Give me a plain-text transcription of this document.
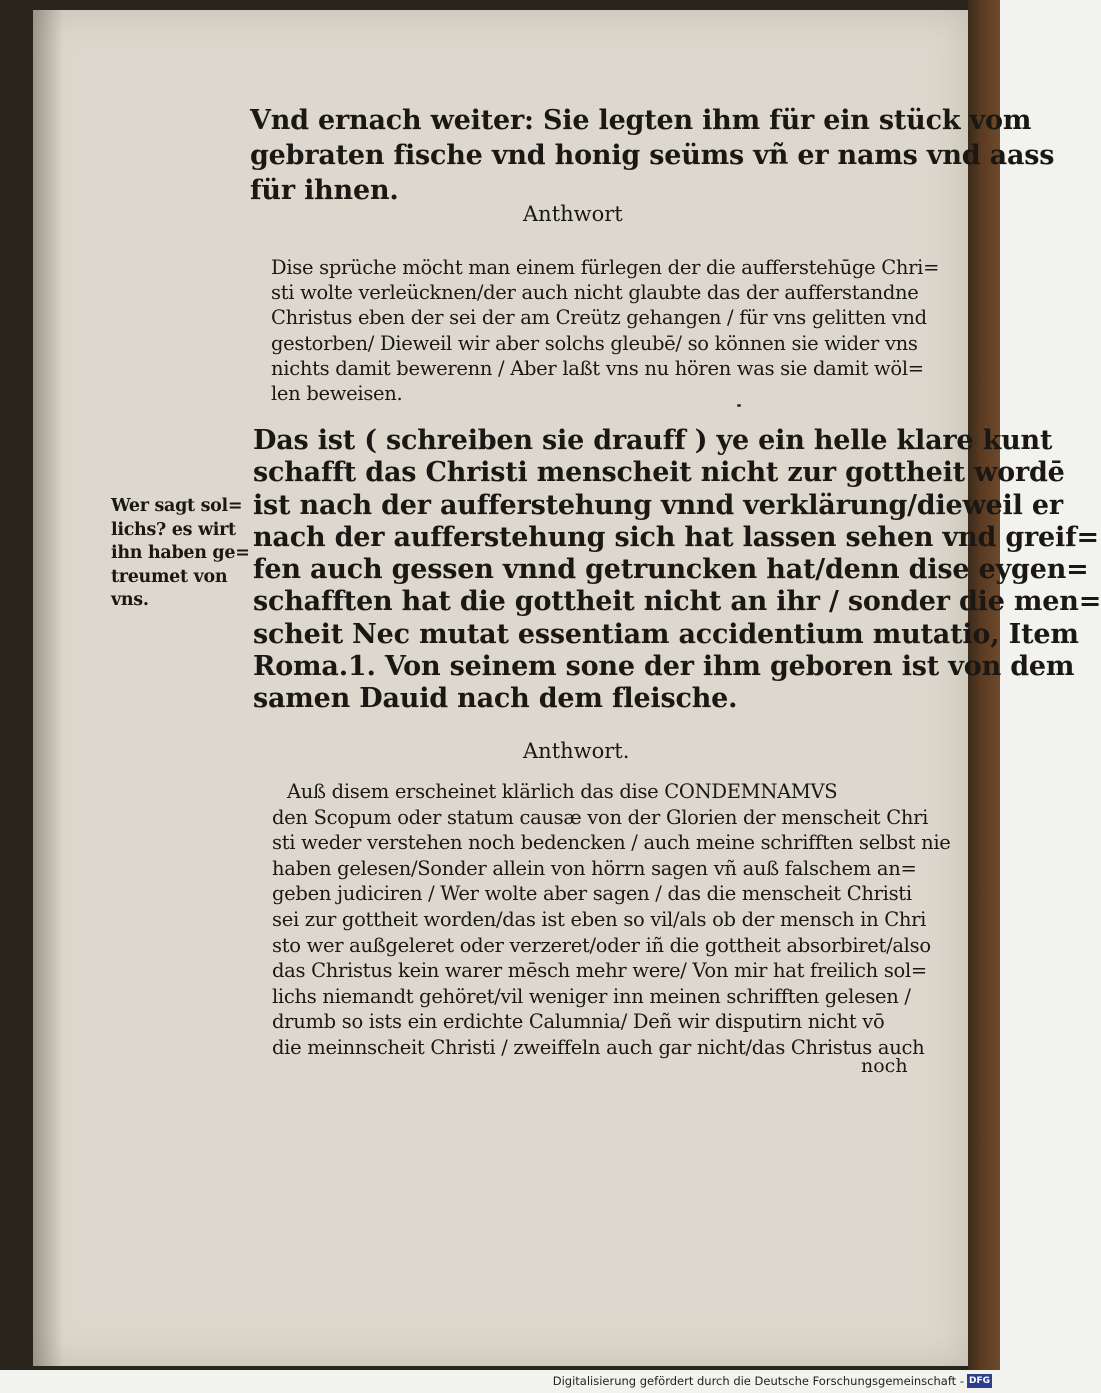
Vnd ernach weiter: Sie legten ihm für ein stück vom
gebraten fische vnd honig seüms vñ er nams vnd aass
für ihnen.
Anthwort
Dise sprüche möcht man einem fürlegen der die aufferstehūge Chri=
sti wolte verleücknen/der auch nicht glaubte das der aufferstandne
Christus eben der sei der am Creütz gehangen / für vns gelitten vnd
gestorben/ Dieweil wir aber solchs gleubē/ so können sie wider vns
nichts damit bewerenn / Aber laßt vns nu hören was sie damit wöl=
len beweisen.
Wer sagt sol=
lichs? es wirt
ihn haben ge=
treumet von
vns.
Das ist ( schreiben sie drauff ) ye ein helle klare kunt
schafft das Christi menscheit nicht zur gottheit wordē
ist nach der aufferstehung vnnd verklärung/dieweil er
nach der aufferstehung sich hat lassen sehen vnd greif=
fen auch gessen vnnd getruncken hat/denn dise eygen=
schafften hat die gottheit nicht an ihr / sonder die men=
scheit Nec mutat essentiam accidentium mutatio, Item
Roma.1. Von seinem sone der ihm geboren ist von dem
samen Dauid nach dem fleische.
Anthwort.
Auß disem erscheinet klärlich das dise CONDEMNAMVS
den Scopum oder statum causæ von der Glorien der menscheit Chri
sti weder verstehen noch bedencken / auch meine schrifften selbst nie
haben gelesen/Sonder allein von hörrn sagen vñ auß falschem an=
geben judiciren / Wer wolte aber sagen / das die menscheit Christi
sei zur gottheit worden/das ist eben so vil/als ob der mensch in Chri
sto wer außgeleret oder verzeret/oder iñ die gottheit absorbiret/also
das Christus kein warer mēsch mehr were/ Von mir hat freilich sol=
lichs niemandt gehöret/vil weniger inn meinen schrifften gelesen /
drumb so ists ein erdichte Calumnia/ Deñ wir disputirn nicht vō
die meinnscheit Christi / zweiffeln auch gar nicht/das Christus auch
noch
Digitalisierung gefördert durch die Deutsche Forschungsgemeinschaft - DFG
